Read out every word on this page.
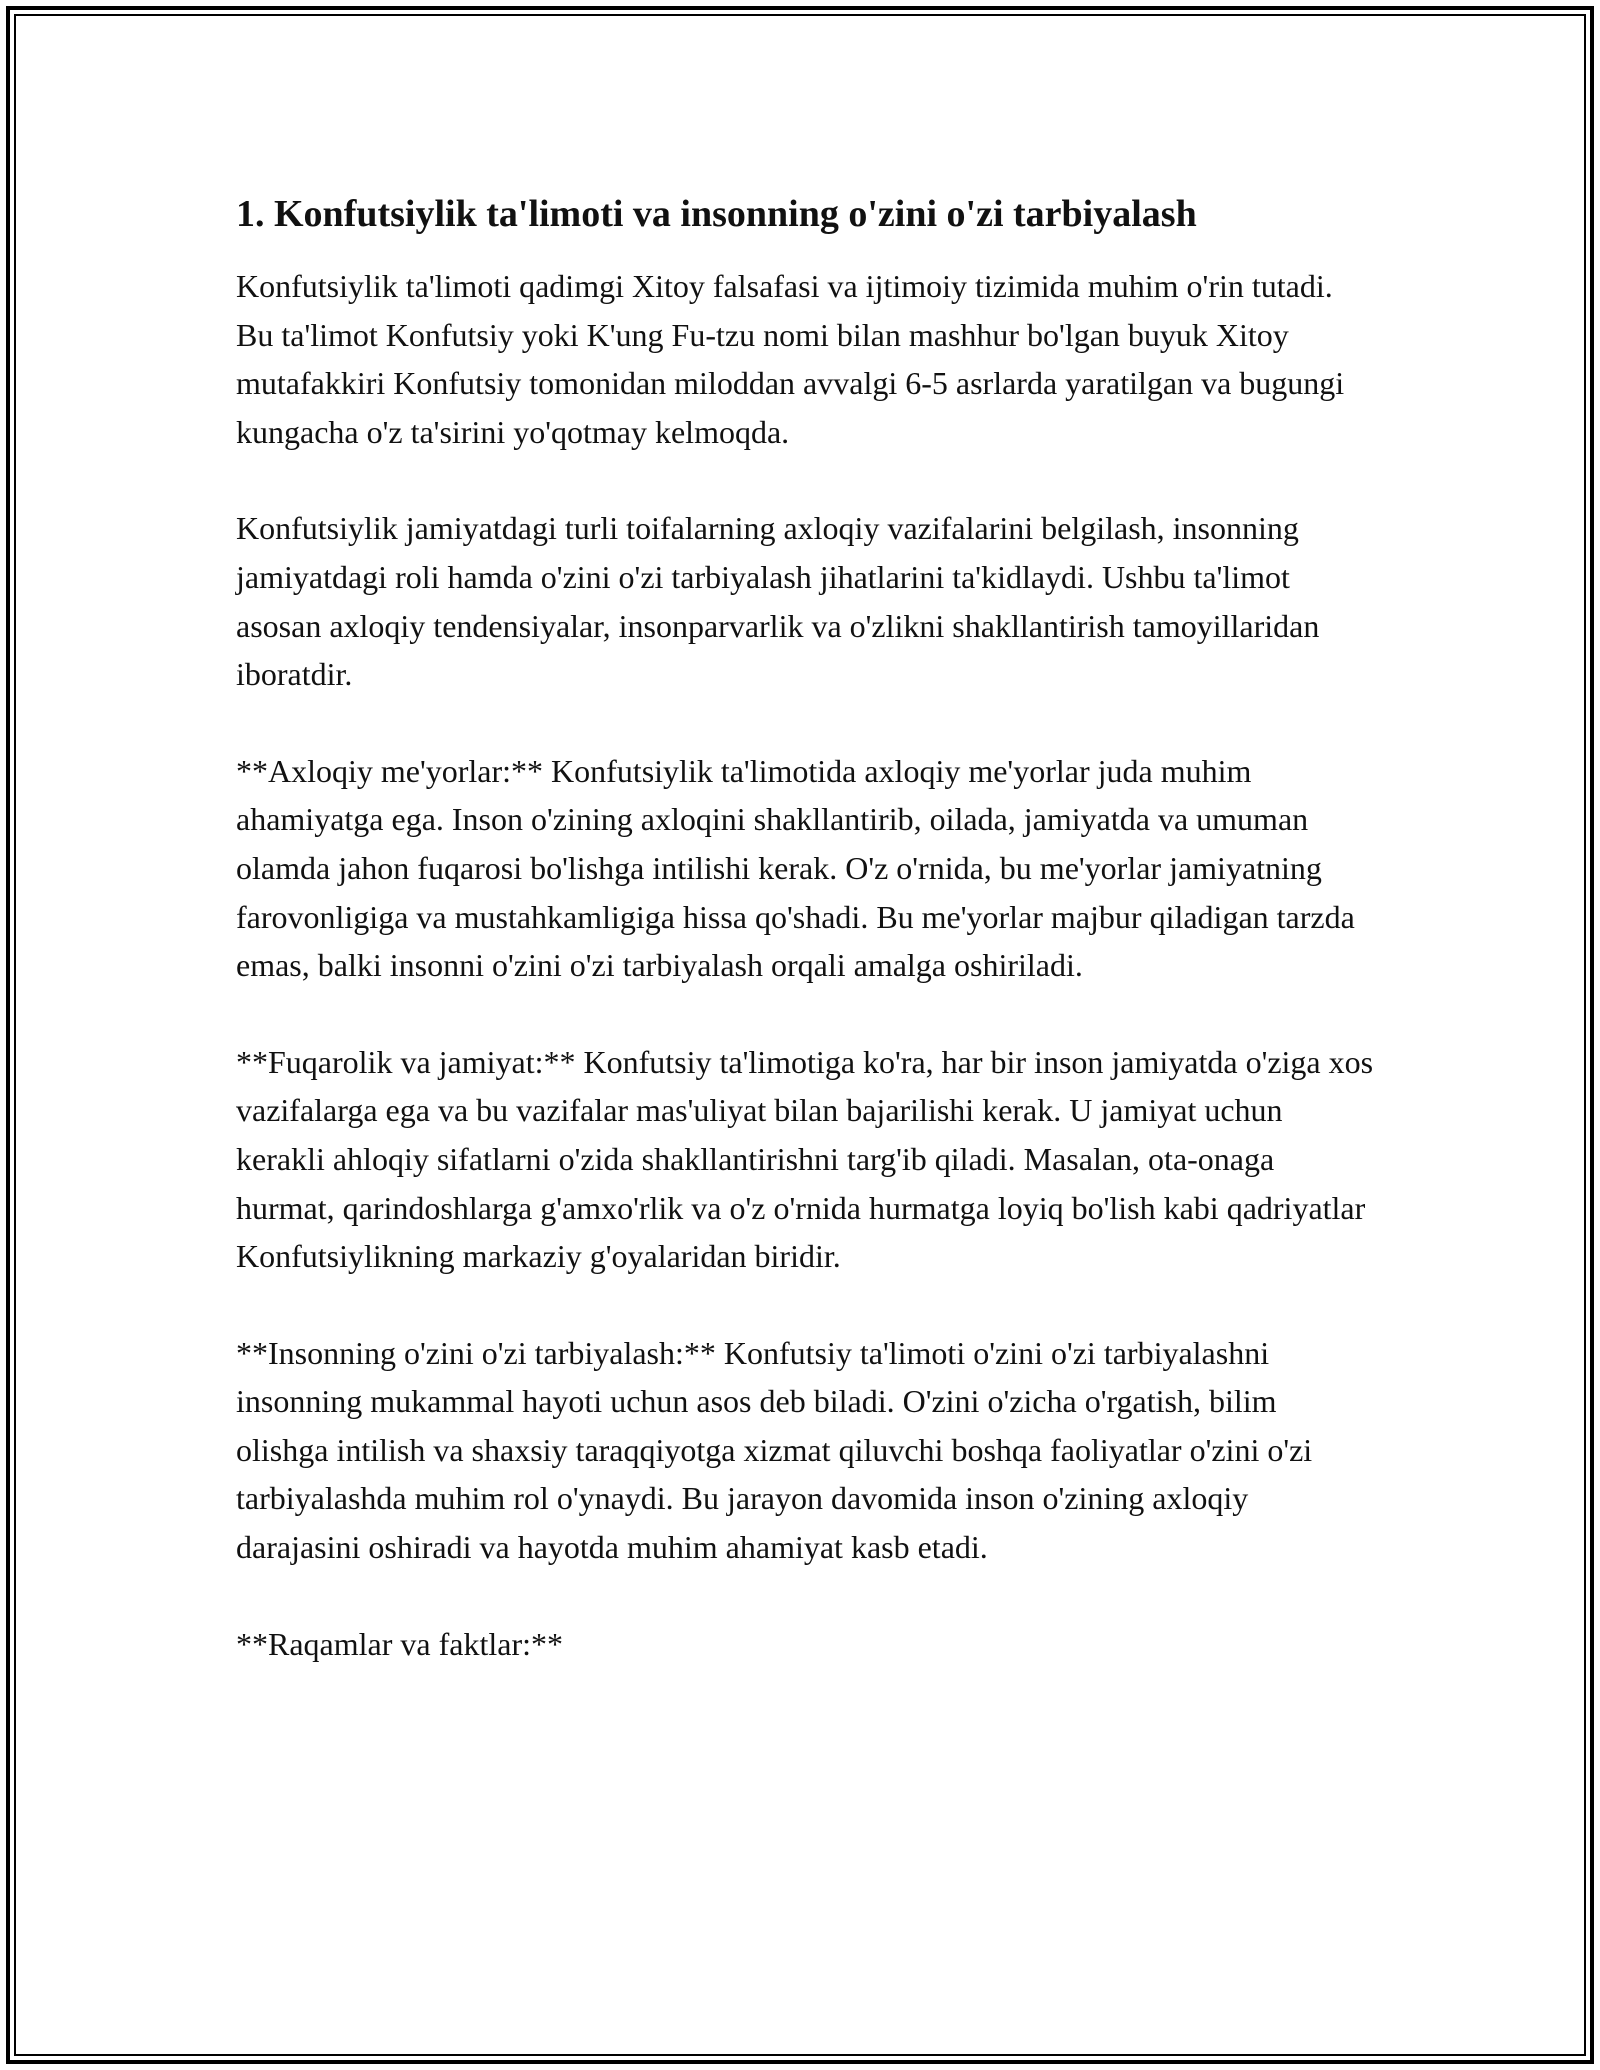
1. Konfutsiylik ta'limoti va insonning o'zini o'zi tarbiyalash

Konfutsiylik ta'limoti qadimgi Xitoy falsafasi va ijtimoiy tizimida muhim o'rin tutadi. Bu ta'limot Konfutsiy yoki K'ung Fu-tzu nomi bilan mashhur bo'lgan buyuk Xitoy mutafakkiri Konfutsiy tomonidan miloddan avvalgi 6-5 asrlarda yaratilgan va bugungi kungacha o'z ta'sirini yo'qotmay kelmoqda.

Konfutsiylik jamiyatdagi turli toifalarning axloqiy vazifalarini belgilash, insonning jamiyatdagi roli hamda o'zini o'zi tarbiyalash jihatlarini ta'kidlaydi. Ushbu ta'limot asosan axloqiy tendensiyalar, insonparvarlik va o'zlikni shakllantirish tamoyillaridan iboratdir.

**Axloqiy me'yorlar:** Konfutsiylik ta'limotida axloqiy me'yorlar juda muhim ahamiyatga ega. Inson o'zining axloqini shakllantirib, oilada, jamiyatda va umuman olamda jahon fuqarosi bo'lishga intilishi kerak. O'z o'rnida, bu me'yorlar jamiyatning farovonligiga va mustahkamligiga hissa qo'shadi. Bu me'yorlar majbur qiladigan tarzda emas, balki insonni o'zini o'zi tarbiyalash orqali amalga oshiriladi.

**Fuqarolik va jamiyat:** Konfutsiy ta'limotiga ko'ra, har bir inson jamiyatda o'ziga xos vazifalarga ega va bu vazifalar mas'uliyat bilan bajarilishi kerak. U jamiyat uchun kerakli ahloqiy sifatlarni o'zida shakllantirishni targ'ib qiladi. Masalan, ota-onaga hurmat, qarindoshlarga g'amxo'rlik va o'z o'rnida hurmatga loyiq bo'lish kabi qadriyatlar Konfutsiylikning markaziy g'oyalaridan biridir.

**Insonning o'zini o'zi tarbiyalash:** Konfutsiy ta'limoti o'zini o'zi tarbiyalashni insonning mukammal hayoti uchun asos deb biladi. O'zini o'zicha o'rgatish, bilim olishga intilish va shaxsiy taraqqiyotga xizmat qiluvchi boshqa faoliyatlar o'zini o'zi tarbiyalashda muhim rol o'ynaydi. Bu jarayon davomida inson o'zining axloqiy darajasini oshiradi va hayotda muhim ahamiyat kasb etadi.

**Raqamlar va faktlar:**
